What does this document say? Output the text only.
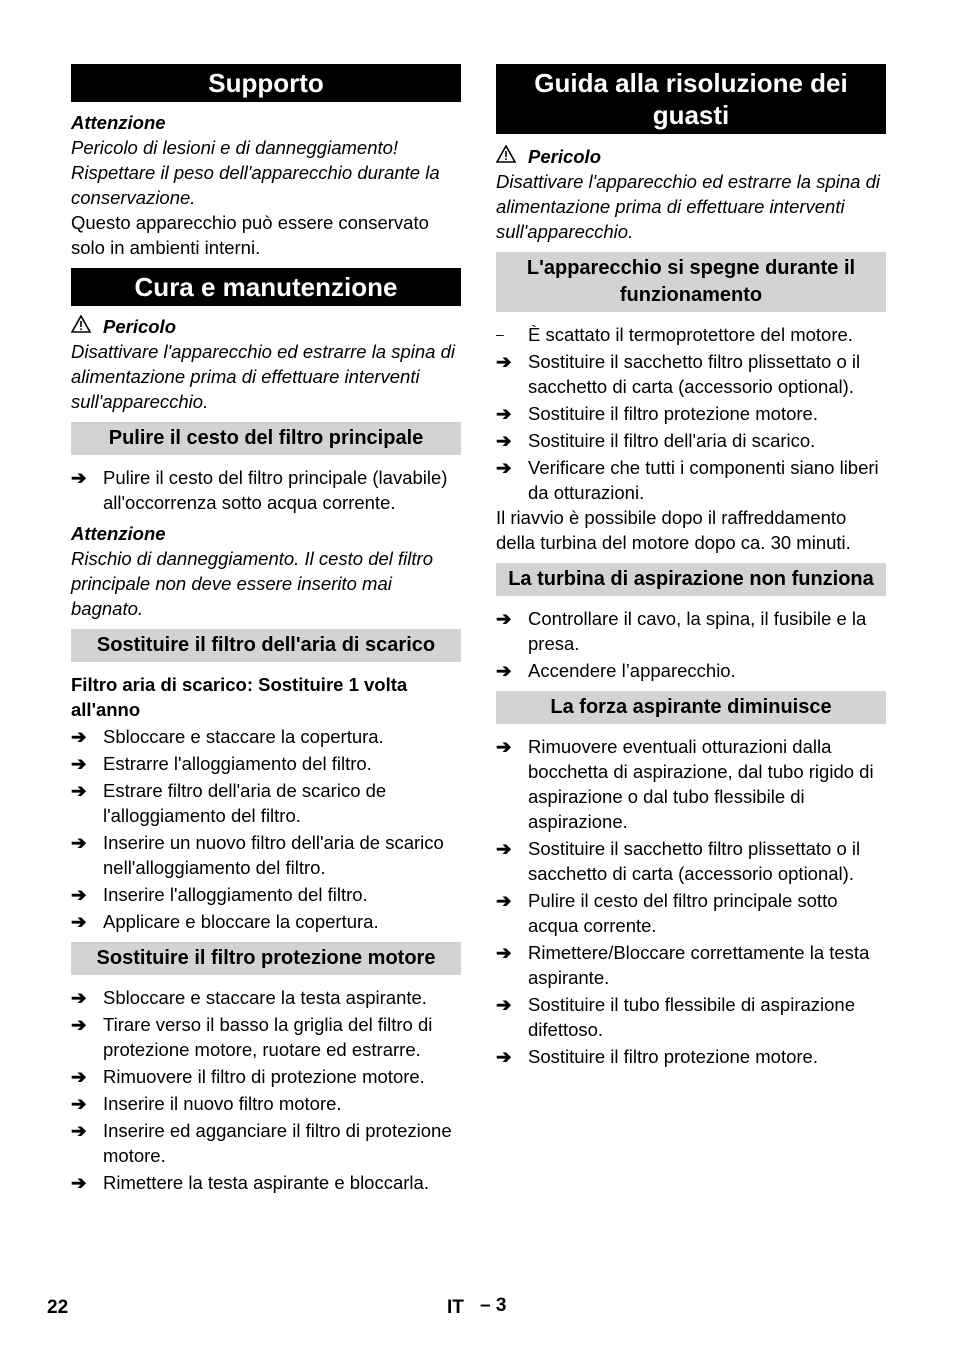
Supporto
Attenzione
Pericolo di lesioni e di danneggiamento! Rispettare il peso dell'apparecchio durante la conservazione.
Questo apparecchio può essere conservato solo in ambienti interni.
Cura e manutenzione
Pericolo
Disattivare l'apparecchio ed estrarre la spina di alimentazione prima di effettuare interventi sull'apparecchio.
Pulire il cesto del filtro principale
➔ Pulire il cesto del filtro principale (lavabile) all'occorrenza sotto acqua corrente.
Attenzione
Rischio di danneggiamento. Il cesto del filtro principale non deve essere inserito mai bagnato.
Sostituire il filtro dell'aria di scarico
Filtro aria di scarico: Sostituire 1 volta all'anno
➔ Sbloccare e staccare la copertura.
➔ Estrarre l'alloggiamento del filtro.
➔ Estrare filtro dell'aria de scarico de l'alloggiamento del filtro.
➔ Inserire un nuovo filtro dell'aria de scarico nell'alloggiamento del filtro.
➔ Inserire l'alloggiamento del filtro.
➔ Applicare e bloccare la copertura.
Sostituire il filtro protezione motore
➔ Sbloccare e staccare la testa aspirante.
➔ Tirare verso il basso la griglia del filtro di protezione motore, ruotare ed estrarre.
➔ Rimuovere il filtro di protezione motore.
➔ Inserire il nuovo filtro motore.
➔ Inserire ed agganciare il filtro di protezione motore.
➔ Rimettere la testa aspirante e bloccarla.
Guida alla risoluzione dei guasti
Pericolo
Disattivare l'apparecchio ed estrarre la spina di alimentazione prima di effettuare interventi sull'apparecchio.
L'apparecchio si spegne durante il funzionamento
–	È scattato il termoprotettore del motore.
➔ Sostituire il sacchetto filtro plissettato o il sacchetto di carta (accessorio optional).
➔ Sostituire il filtro protezione motore.
➔ Sostituire il filtro dell'aria di scarico.
➔ Verificare che tutti i componenti siano liberi da otturazioni.
Il riavvio è possibile dopo il raffreddamento della turbina del motore dopo ca. 30 minuti.
La turbina di aspirazione non funziona
➔ Controllare il cavo, la spina, il fusibile e la presa.
➔ Accendere l’apparecchio.
La forza aspirante diminuisce
➔ Rimuovere eventuali otturazioni dalla bocchetta di aspirazione, dal tubo rigido di aspirazione o dal tubo flessibile di aspirazione.
➔ Sostituire il sacchetto filtro plissettato o il sacchetto di carta (accessorio optional).
➔ Pulire il cesto del filtro principale sotto acqua corrente.
➔ Rimettere/Bloccare correttamente la testa aspirante.
➔ Sostituire il tubo flessibile di aspirazione difettoso.
➔ Sostituire il filtro protezione motore.
22	IT – 3
